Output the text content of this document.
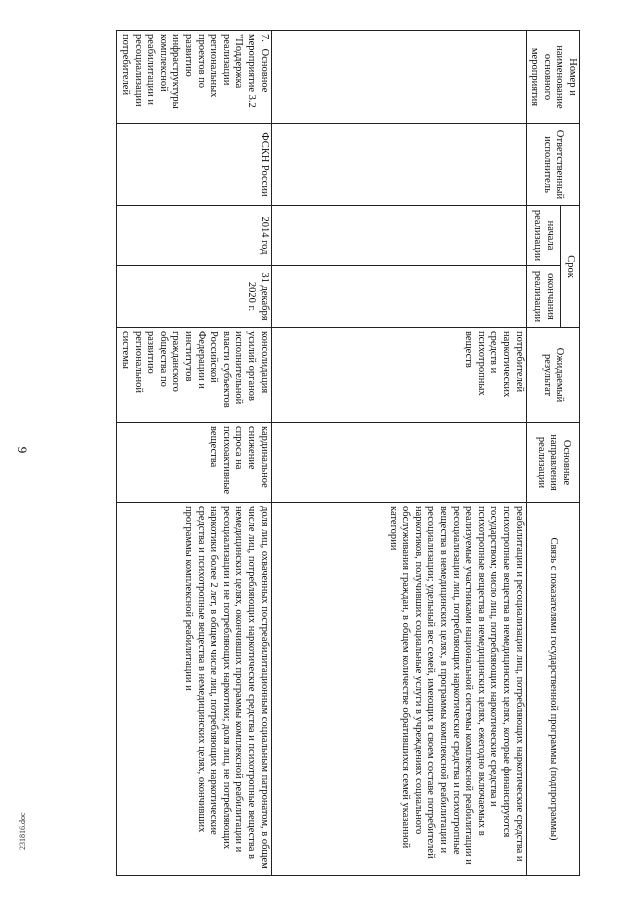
9
231816.doc
Номер и наименование основного мероприятия	Ответственный исполнитель	Срок		Ожидаемый результат	Основные направления реализации	Связь с показателями государственной программы (подпрограммы)
		начала реализации	окончания реализации			
				потребителей наркотических средств и психотропных веществ		реабилитации и ресоциализации лиц, потребляющих наркотические средства и психотропные вещества в немедицинских целях, которые финансируются государством; число лиц, потребляющих наркотические средства и психотропные вещества в немедицинских целях, ежегодно включаемых в реализуемые участниками национальной системы комплексной реабилитации и ресоциализации лиц, потребляющих наркотические средства и психотропные вещества в немедицинских целях, в программы комплексной реабилитации и ресоциализации; удельный вес семей, имеющих в своем составе потребителей наркотиков, получивших социальные услуги в учреждениях социального обслуживания граждан, в общем количестве обратившихся семей указанной категории
7. Основное мероприятие 3.2 "Поддержка реализации региональных проектов по развитию инфраструктуры комплексной реабилитации и ресоциализации потребителей	ФСКН России	2014 год	31 декабря 2020 г.	консолидация усилий органов исполнительной власти субъектов Российской Федерации и институтов гражданского общества по развитию региональной системы	кардинальное снижение спроса на психоактивные вещества	доля лиц, охваченных постреабилитационным социальным патронатом, в общем числе лиц, потребляющих наркотические средства и психотропные вещества в немедицинских целях, окончивших программы комплексной реабилитации и ресоциализации и не потребляющих наркотики; доля лиц, не потребляющих наркотики более 2 лет, в общем числе лиц, потребляющих наркотические средства и психотропные вещества в немедицинских целях, окончивших программы комплексной реабилитации и
